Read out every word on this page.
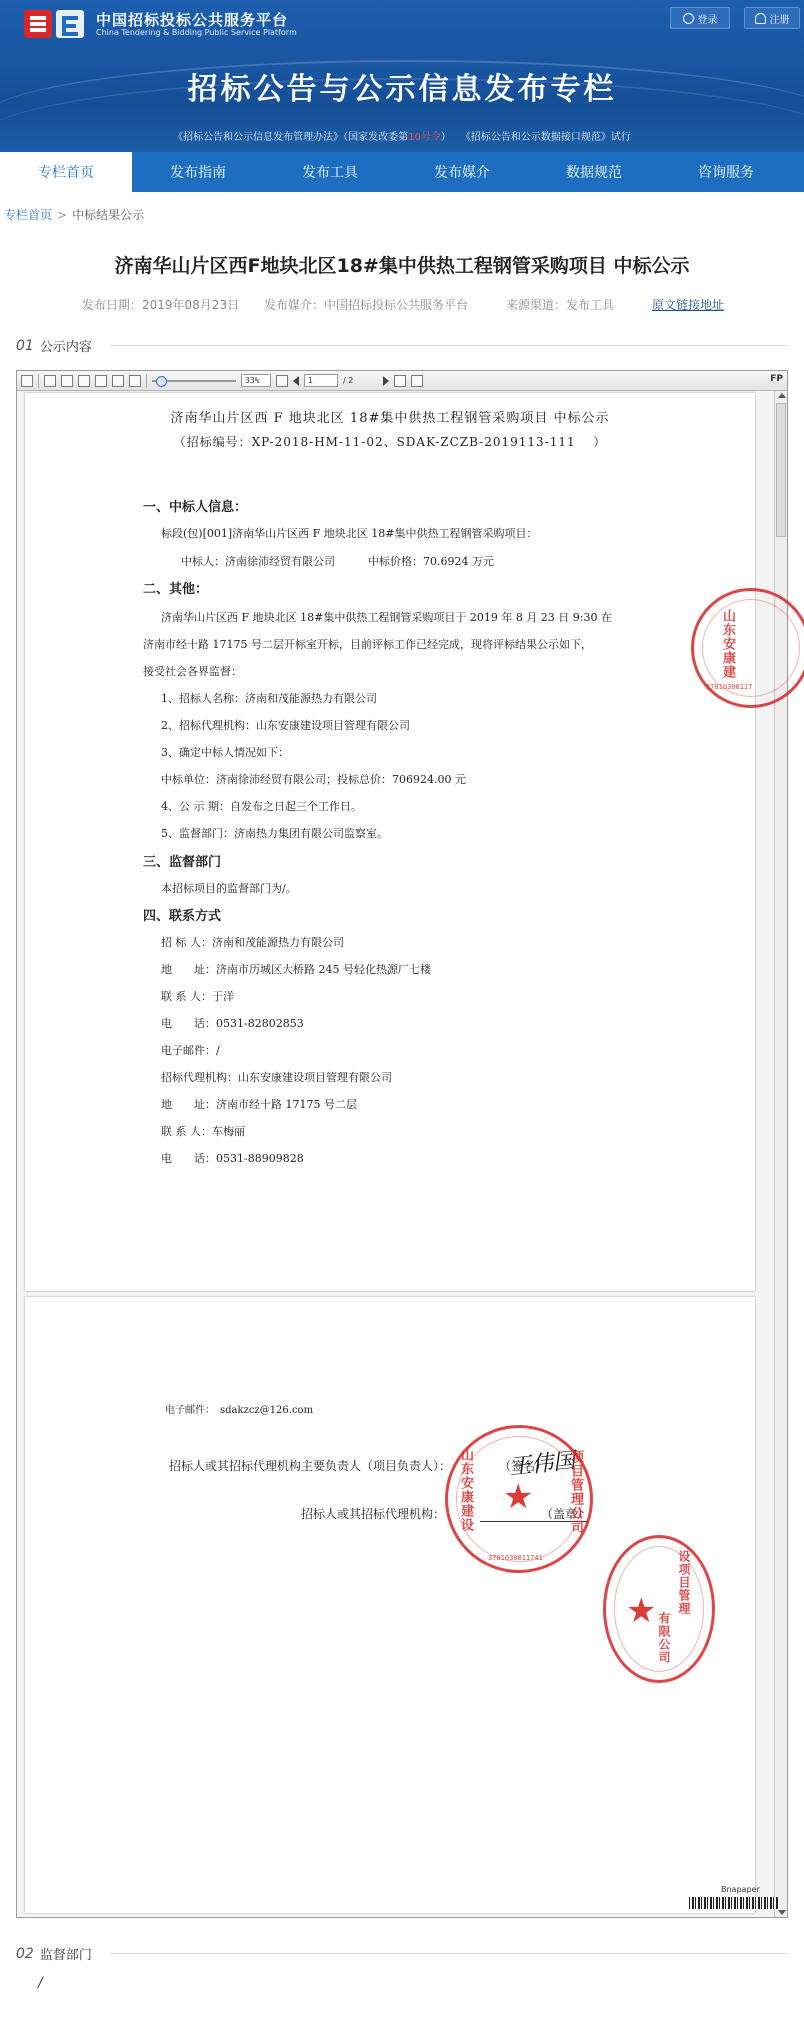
中国招标投标公共服务平台
China Tendering & Bidding Public Service Platform
登录	注册
招标公告与公示信息发布专栏
《招标公告和公示信息发布管理办法》（国家发改委第10号令）　　《招标公告和公示数据接口规范》试行
专栏首页	发布指南	发布工具	发布媒介	数据规范	咨询服务
专栏首页 > 中标结果公示
济南华山片区西F地块北区18#集中供热工程钢管采购项目 中标公示
发布日期：2019年08月23日 发布媒介：中国招标投标公共服务平台	来源渠道：发布工具	原文链接地址
01 公示内容
33%	1	/ 2	FP
济南华山片区西 F 地块北区 18#集中供热工程钢管采购项目 中标公示
（招标编号：XP-2018-HM-11-02、SDAK-ZCZB-2019113-111　 ）
一、中标人信息：
标段(包)[001]济南华山片区西 F 地块北区 18#集中供热工程钢管采购项目：
中标人：济南徐沛经贸有限公司　　　中标价格：70.6924 万元
二、其他：
济南华山片区西 F 地块北区 18#集中供热工程钢管采购项目于 2019 年 8 月 23 日 9:30 在
济南市经十路 17175 号二层开标室开标，目前评标工作已经完成，现将评标结果公示如下，
接受社会各界监督：
1、招标人名称：济南和茂能源热力有限公司
2、招标代理机构：山东安康建设项目管理有限公司
3、确定中标人情况如下：
中标单位：济南徐沛经贸有限公司；投标总价：706924.00 元
4、公 示 期：自发布之日起三个工作日。
5、监督部门：济南热力集团有限公司监察室。
三、监督部门
本招标项目的监督部门为/。
四、联系方式
招 标 人：济南和茂能源热力有限公司
地　　址：济南市历城区大桥路 245 号轻化热源厂七楼
联 系 人：于洋
电　　话：0531-82802853
电子邮件：/
招标代理机构：山东安康建设项目管理有限公司
地　　址：济南市经十路 17175 号二层
联 系 人：车梅丽
电　　话：0531-88909828
山东安康建
37010300117
电子邮件：　sdakzcz@126.com
招标人或其招标代理机构主要负责人（项目负责人）：　　　　　（签名）
招标人或其招标代理机构：　　　　　　　　　（盖章）
王伟国
★
山东安康建设	项目管理公司
3701030011741
★ 设项目管理
有限公司
Bnapaper
02 监督部门
/
